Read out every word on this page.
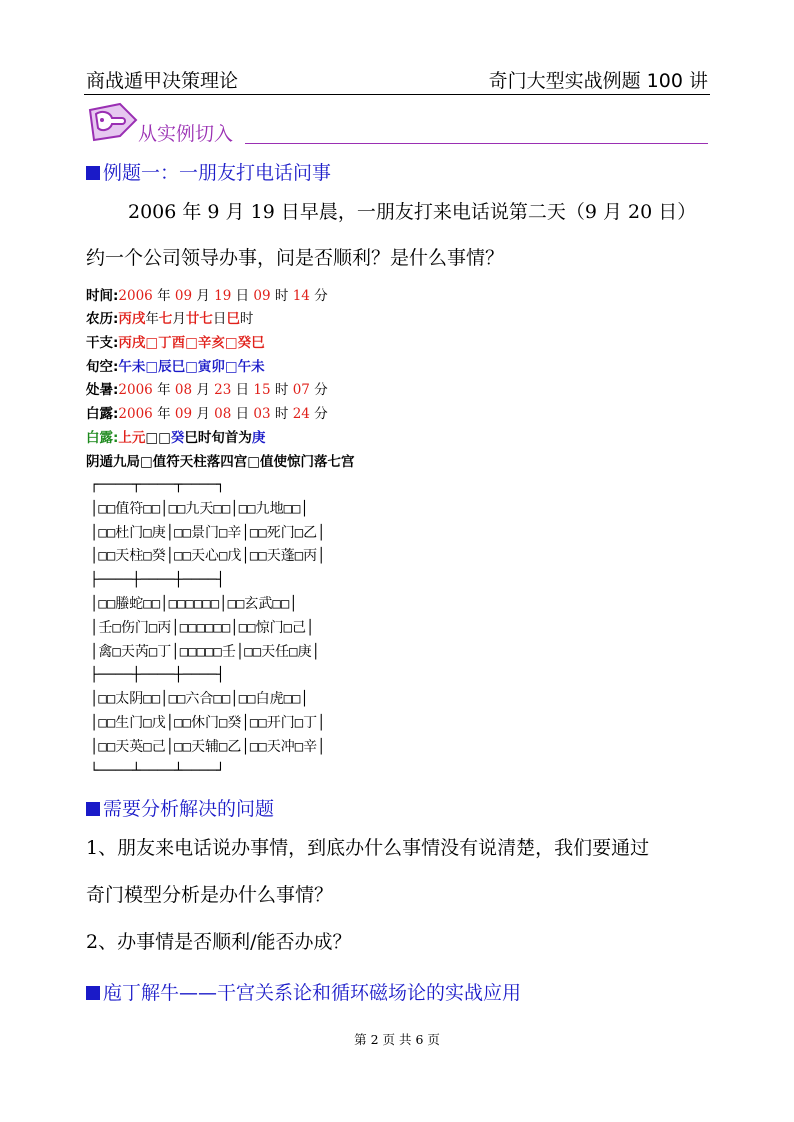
商战遁甲决策理论	奇门大型实战例题 100 讲
从实例切入
例题一：一朋友打电话问事
2006 年 9 月 19 日早晨，一朋友打来电话说第二天（9 月 20 日）
约一个公司领导办事，问是否顺利？是什么事情？
时间:2006 年 09 月 19 日 09 时 14 分
农历:丙戌年七月廿七日巳时
干支:丙戌□丁酉□辛亥□癸巳
旬空:午未□辰巳□寅卯□午未
处暑:2006 年 08 月 23 日 15 时 07 分
白露:2006 年 09 月 08 日 03 时 24 分
白露:上元□□癸巳时旬首为庚
阴遁九局□值符天柱落四宫□值使惊门落七宫
┌────┬────┬────┐
│□□值符□□│□□九天□□│□□九地□□│
│□□杜门□庚│□□景门□辛│□□死门□乙│
│□□天柱□癸│□□天心□戊│□□天蓬□丙│
├────┼────┼────┤
│□□螣蛇□□│□□□□□□│□□玄武□□│
│壬□伤门□丙│□□□□□□│□□惊门□己│
│禽□天芮□丁│□□□□□壬│□□天任□庚│
├────┼────┼────┤
│□□太阴□□│□□六合□□│□□白虎□□│
│□□生门□戊│□□休门□癸│□□开门□丁│
│□□天英□己│□□天辅□乙│□□天冲□辛│
└────┴────┴────┘
需要分析解决的问题
1、朋友来电话说办事情，到底办什么事情没有说清楚，我们要通过
奇门模型分析是办什么事情？
2、办事情是否顺利/能否办成？
庖丁解牛——干宫关系论和循环磁场论的实战应用
第 2 页 共 6 页
